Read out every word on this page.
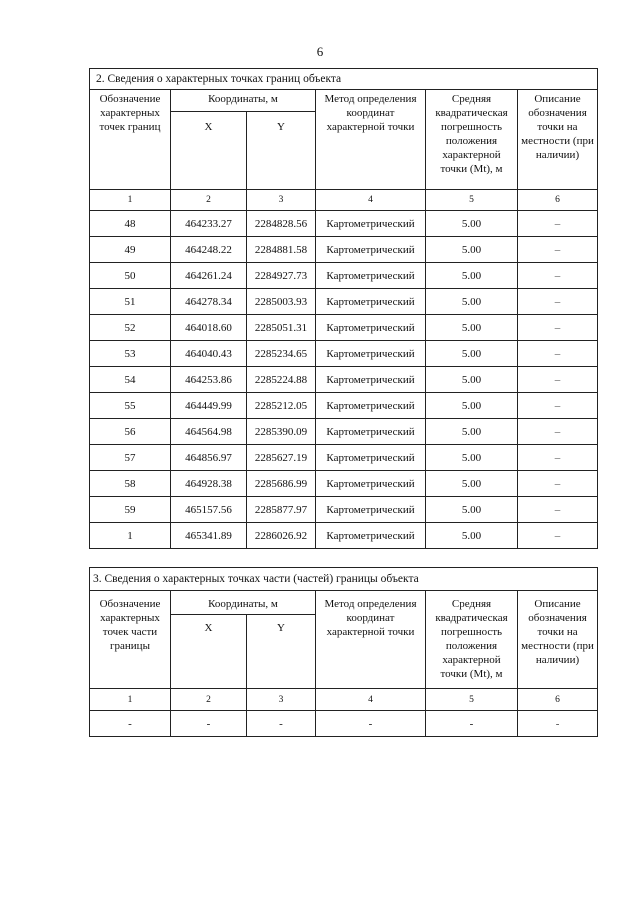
6
2. Сведения о характерных точках границ объекта					
Обозначение характерных точек границ	Координаты, м		Метод определения координат характерной точки	Средняя квадратическая погрешность положения характерной точки (Mt), м	Описание обозначения точки на местности (при наличии)
	X	Y			
1	2	3	4	5	6
48	464233.27	2284828.56	Картометрический	5.00	–
49	464248.22	2284881.58	Картометрический	5.00	–
50	464261.24	2284927.73	Картометрический	5.00	–
51	464278.34	2285003.93	Картометрический	5.00	–
52	464018.60	2285051.31	Картометрический	5.00	–
53	464040.43	2285234.65	Картометрический	5.00	–
54	464253.86	2285224.88	Картометрический	5.00	–
55	464449.99	2285212.05	Картометрический	5.00	–
56	464564.98	2285390.09	Картометрический	5.00	–
57	464856.97	2285627.19	Картометрический	5.00	–
58	464928.38	2285686.99	Картометрический	5.00	–
59	465157.56	2285877.97	Картометрический	5.00	–
1	465341.89	2286026.92	Картометрический	5.00	–
3. Сведения о характерных точках части (частей) границы объекта					
Обозначение характерных точек части границы	Координаты, м		Метод определения координат характерной точки	Средняя квадратическая погрешность положения характерной точки (Mt), м	Описание обозначения точки на местности (при наличии)
	X	Y			
1	2	3	4	5	6
-	-	-	-	-	-
